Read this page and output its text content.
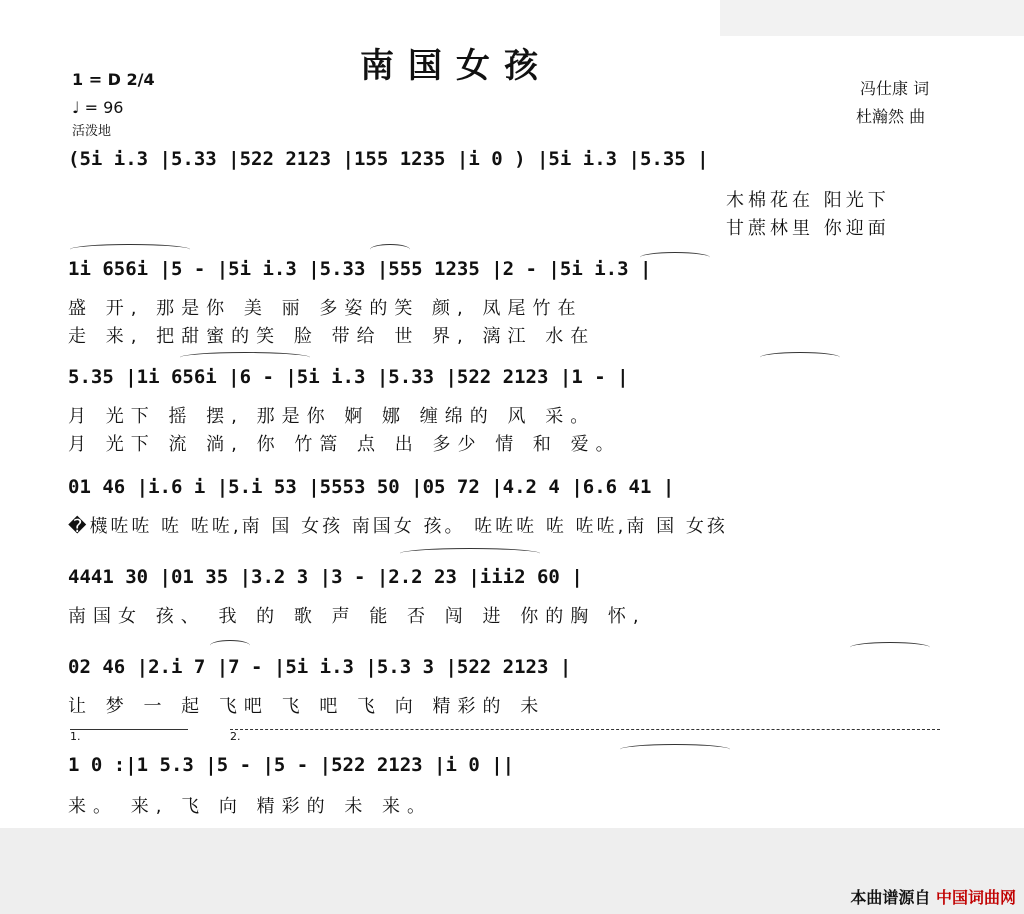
南国女孩
1 = D 2/4
♩ = 96
活泼地
冯仕康 词
杜瀚然 曲
(5i i.3 |5.33 |522 2123 |155 1235 |i 0 ) |5i i.3 |5.35 |
木棉花在 阳光下
甘蔗林里 你迎面
1i 656i |5 - |5i i.3 |5.33 |555 1235 |2 - |5i i.3 |
盛 开, 那是你 美 丽 多姿的笑 颜, 凤尾竹在
走 来, 把甜蜜的笑 脸 带给 世 界, 漓江 水在
5.35 |1i 656i |6 - |5i i.3 |5.33 |522 2123 |1 - |
月 光下 摇 摆, 那是你 婀 娜 缠绵的 风 采。
月 光下 流 淌, 你 竹篙 点 出 多少 情 和 爱。
01 46 |i.6 i |5.i 53 |5553 50 |05 72 |4.2 4 |6.6 41 |
�櫗咗咗 咗 咗咗,南 国 女孩 南国女 孩。 咗咗咗 咗 咗咗,南 国 女孩
4441 30 |01 35 |3.2 3 |3 - |2.2 23 |iii2 60 |
南国女 孩、 我 的 歌 声 能 否 闯 进 你的胸 怀,
02 46 |2.i 7 |7 - |5i i.3 |5.3 3 |522 2123 |
让 梦 一 起 飞吧 飞 吧 飞 向 精彩的 未
1.	2.
1 0 :|1 5.3 |5 - |5 - |522 2123 |i 0 ||
来。 来, 飞 向 精彩的 未 来。
本曲谱源自 中国词曲网
